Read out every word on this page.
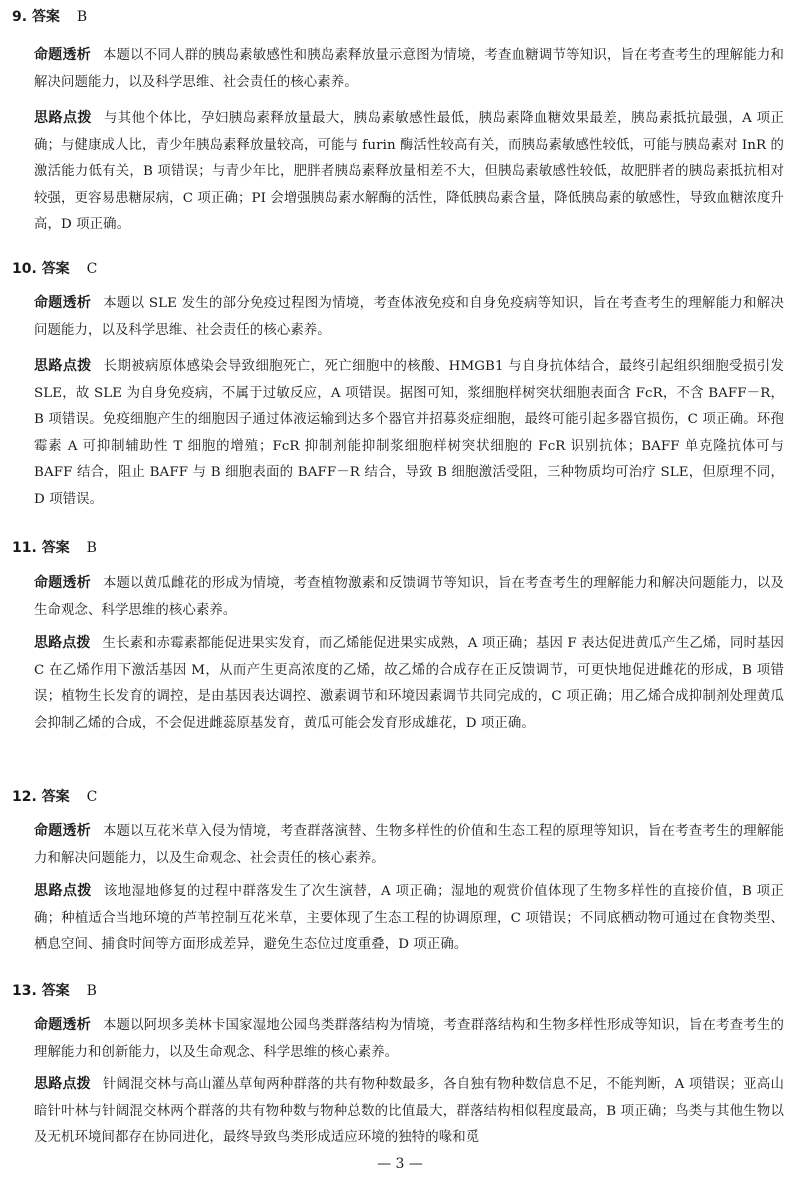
9. 答案 B

命题透析 本题以不同人群的胰岛素敏感性和胰岛素释放量示意图为情境，考查血糖调节等知识，旨在考查考生的理解能力和解决问题能力，以及科学思维、社会责任的核心素养。

思路点拨 与其他个体比，孕妇胰岛素释放量最大，胰岛素敏感性最低，胰岛素降血糖效果最差，胰岛素抵抗最强，A 项正确；与健康成人比，青少年胰岛素释放量较高，可能与 furin 酶活性较高有关，而胰岛素敏感性较低，可能与胰岛素对 InR 的激活能力低有关，B 项错误；与青少年比，肥胖者胰岛素释放量相差不大，但胰岛素敏感性较低，故肥胖者的胰岛素抵抗相对较强，更容易患糖尿病，C 项正确；PI 会增强胰岛素水解酶的活性，降低胰岛素含量，降低胰岛素的敏感性，导致血糖浓度升高，D 项正确。

10. 答案 C

命题透析 本题以 SLE 发生的部分免疫过程图为情境，考查体液免疫和自身免疫病等知识，旨在考查考生的理解能力和解决问题能力，以及科学思维、社会责任的核心素养。

思路点拨 长期被病原体感染会导致细胞死亡，死亡细胞中的核酸、HMGB1 与自身抗体结合，最终引起组织细胞受损引发 SLE，故 SLE 为自身免疫病，不属于过敏反应，A 项错误。据图可知，浆细胞样树突状细胞表面含 FcR，不含 BAFF－R，B 项错误。免疫细胞产生的细胞因子通过体液运输到达多个器官并招募炎症细胞，最终可能引起多器官损伤，C 项正确。环孢霉素 A 可抑制辅助性 T 细胞的增殖；FcR 抑制剂能抑制浆细胞样树突状细胞的 FcR 识别抗体；BAFF 单克隆抗体可与 BAFF 结合，阻止 BAFF 与 B 细胞表面的 BAFF－R 结合，导致 B 细胞激活受阻，三种物质均可治疗 SLE，但原理不同，D 项错误。

11. 答案 B

命题透析 本题以黄瓜雌花的形成为情境，考查植物激素和反馈调节等知识，旨在考查考生的理解能力和解决问题能力，以及生命观念、科学思维的核心素养。

思路点拨 生长素和赤霉素都能促进果实发育，而乙烯能促进果实成熟，A 项正确；基因 F 表达促进黄瓜产生乙烯，同时基因 C 在乙烯作用下激活基因 M，从而产生更高浓度的乙烯，故乙烯的合成存在正反馈调节，可更快地促进雌花的形成，B 项错误；植物生长发育的调控，是由基因表达调控、激素调节和环境因素调节共同完成的，C 项正确；用乙烯合成抑制剂处理黄瓜会抑制乙烯的合成，不会促进雌蕊原基发育，黄瓜可能会发育形成雄花，D 项正确。

12. 答案 C

命题透析 本题以互花米草入侵为情境，考查群落演替、生物多样性的价值和生态工程的原理等知识，旨在考查考生的理解能力和解决问题能力，以及生命观念、社会责任的核心素养。

思路点拨 该地湿地修复的过程中群落发生了次生演替，A 项正确；湿地的观赏价值体现了生物多样性的直接价值，B 项正确；种植适合当地环境的芦苇控制互花米草，主要体现了生态工程的协调原理，C 项错误；不同底栖动物可通过在食物类型、栖息空间、捕食时间等方面形成差异，避免生态位过度重叠，D 项正确。

13. 答案 B

命题透析 本题以阿坝多美林卡国家湿地公园鸟类群落结构为情境，考查群落结构和生物多样性形成等知识，旨在考查考生的理解能力和创新能力，以及生命观念、科学思维的核心素养。

思路点拨 针阔混交林与高山灌丛草甸两种群落的共有物种数最多，各自独有物种数信息不足，不能判断，A 项错误；亚高山暗针叶林与针阔混交林两个群落的共有物种数与物种总数的比值最大，群落结构相似程度最高，B 项正确；鸟类与其他生物以及无机环境间都存在协同进化，最终导致鸟类形成适应环境的独特的喙和觅

— 3 —
